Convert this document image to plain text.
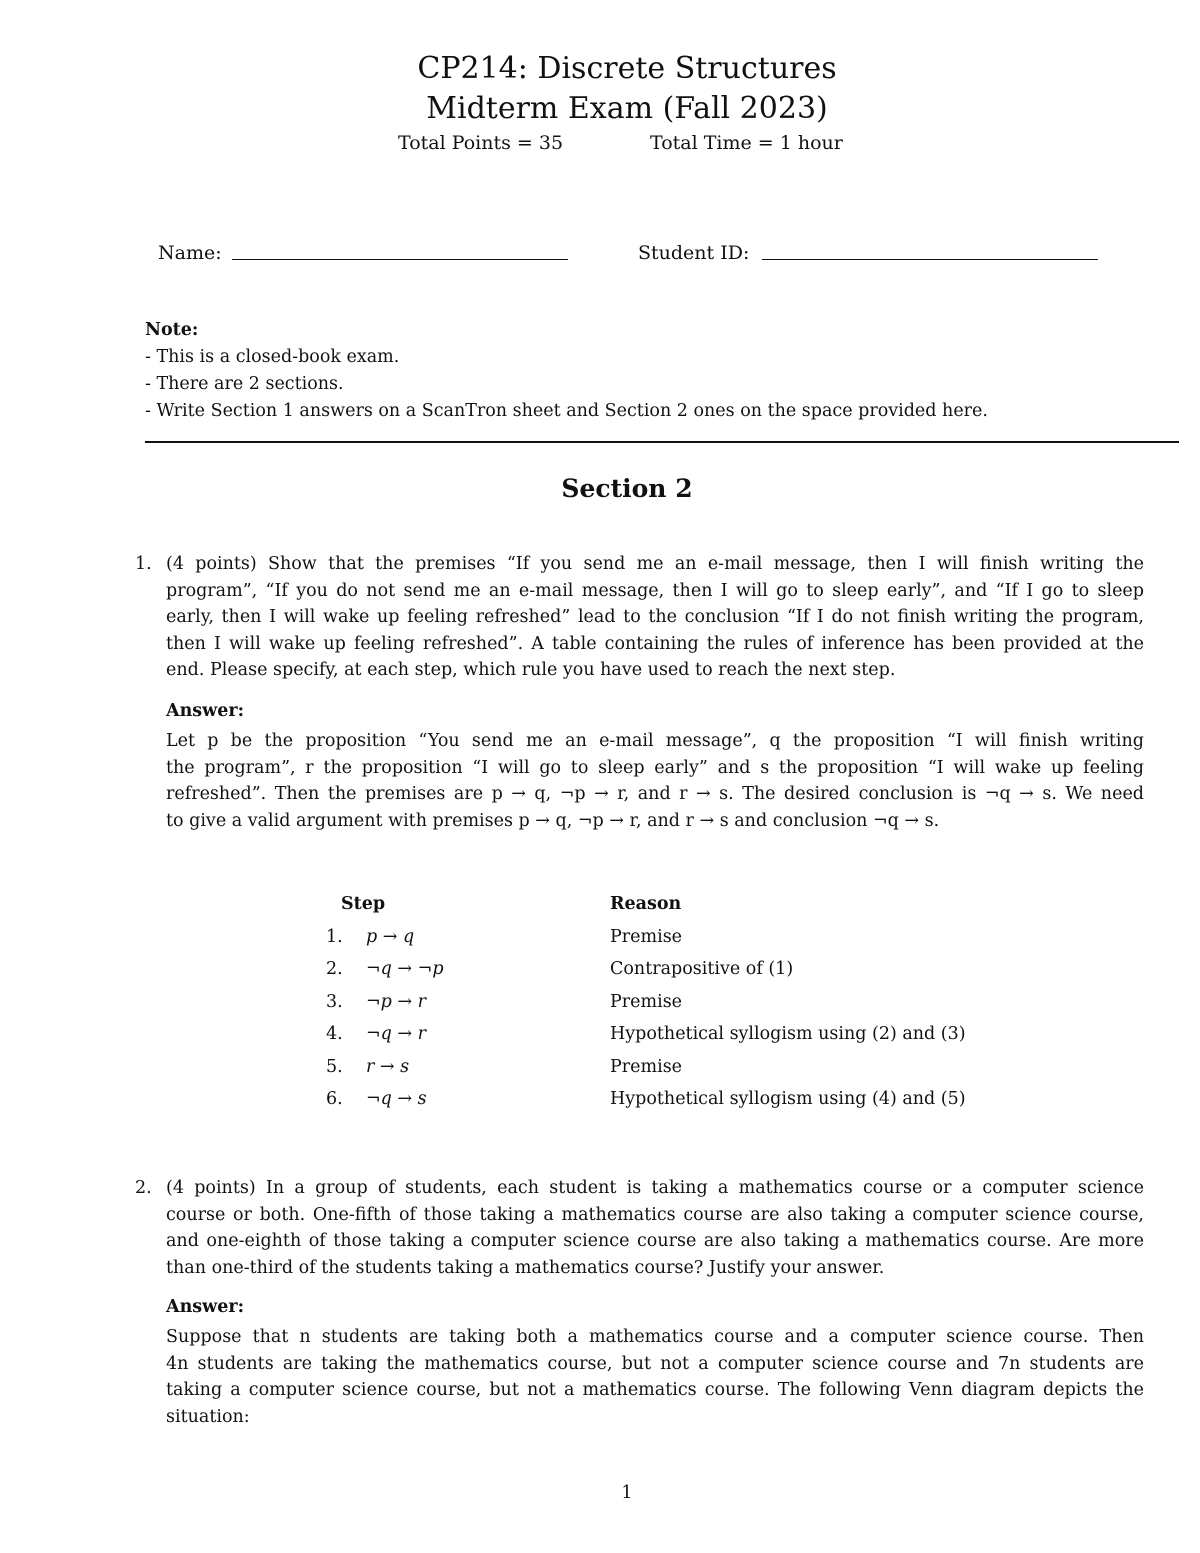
CP214: Discrete Structures
Midterm Exam (Fall 2023)
Total Points = 35	Total Time = 1 hour
Name:	Student ID:
Note:
- This is a closed-book exam.
- There are 2 sections.
- Write Section 1 answers on a ScanTron sheet and Section 2 ones on the space provided here.
Section 2
1. (4 points) Show that the premises “If you send me an e-mail message, then I will finish writing the
program”, “If you do not send me an e-mail message, then I will go to sleep early”, and “If I go to sleep
early, then I will wake up feeling refreshed” lead to the conclusion “If I do not finish writing the program,
then I will wake up feeling refreshed”. A table containing the rules of inference has been provided at the
end. Please specify, at each step, which rule you have used to reach the next step.
Answer:
Let p be the proposition “You send me an e-mail message”, q the proposition “I will finish writing
the program”, r the proposition “I will go to sleep early” and s the proposition “I will wake up feeling
refreshed”. Then the premises are p → q, ¬p → r, and r → s. The desired conclusion is ¬q → s. We need
to give a valid argument with premises p → q, ¬p → r, and r → s and conclusion ¬q → s.
	Step	Reason
1.	p → q	Premise
2.	¬q → ¬p	Contrapositive of (1)
3.	¬p → r	Premise
4.	¬q → r	Hypothetical syllogism using (2) and (3)
5.	r → s	Premise
6.	¬q → s	Hypothetical syllogism using (4) and (5)
2. (4 points) In a group of students, each student is taking a mathematics course or a computer science
course or both. One-fifth of those taking a mathematics course are also taking a computer science course,
and one-eighth of those taking a computer science course are also taking a mathematics course. Are more
than one-third of the students taking a mathematics course? Justify your answer.
Answer:
Suppose that n students are taking both a mathematics course and a computer science course. Then
4n students are taking the mathematics course, but not a computer science course and 7n students are
taking a computer science course, but not a mathematics course. The following Venn diagram depicts the
situation:
1
